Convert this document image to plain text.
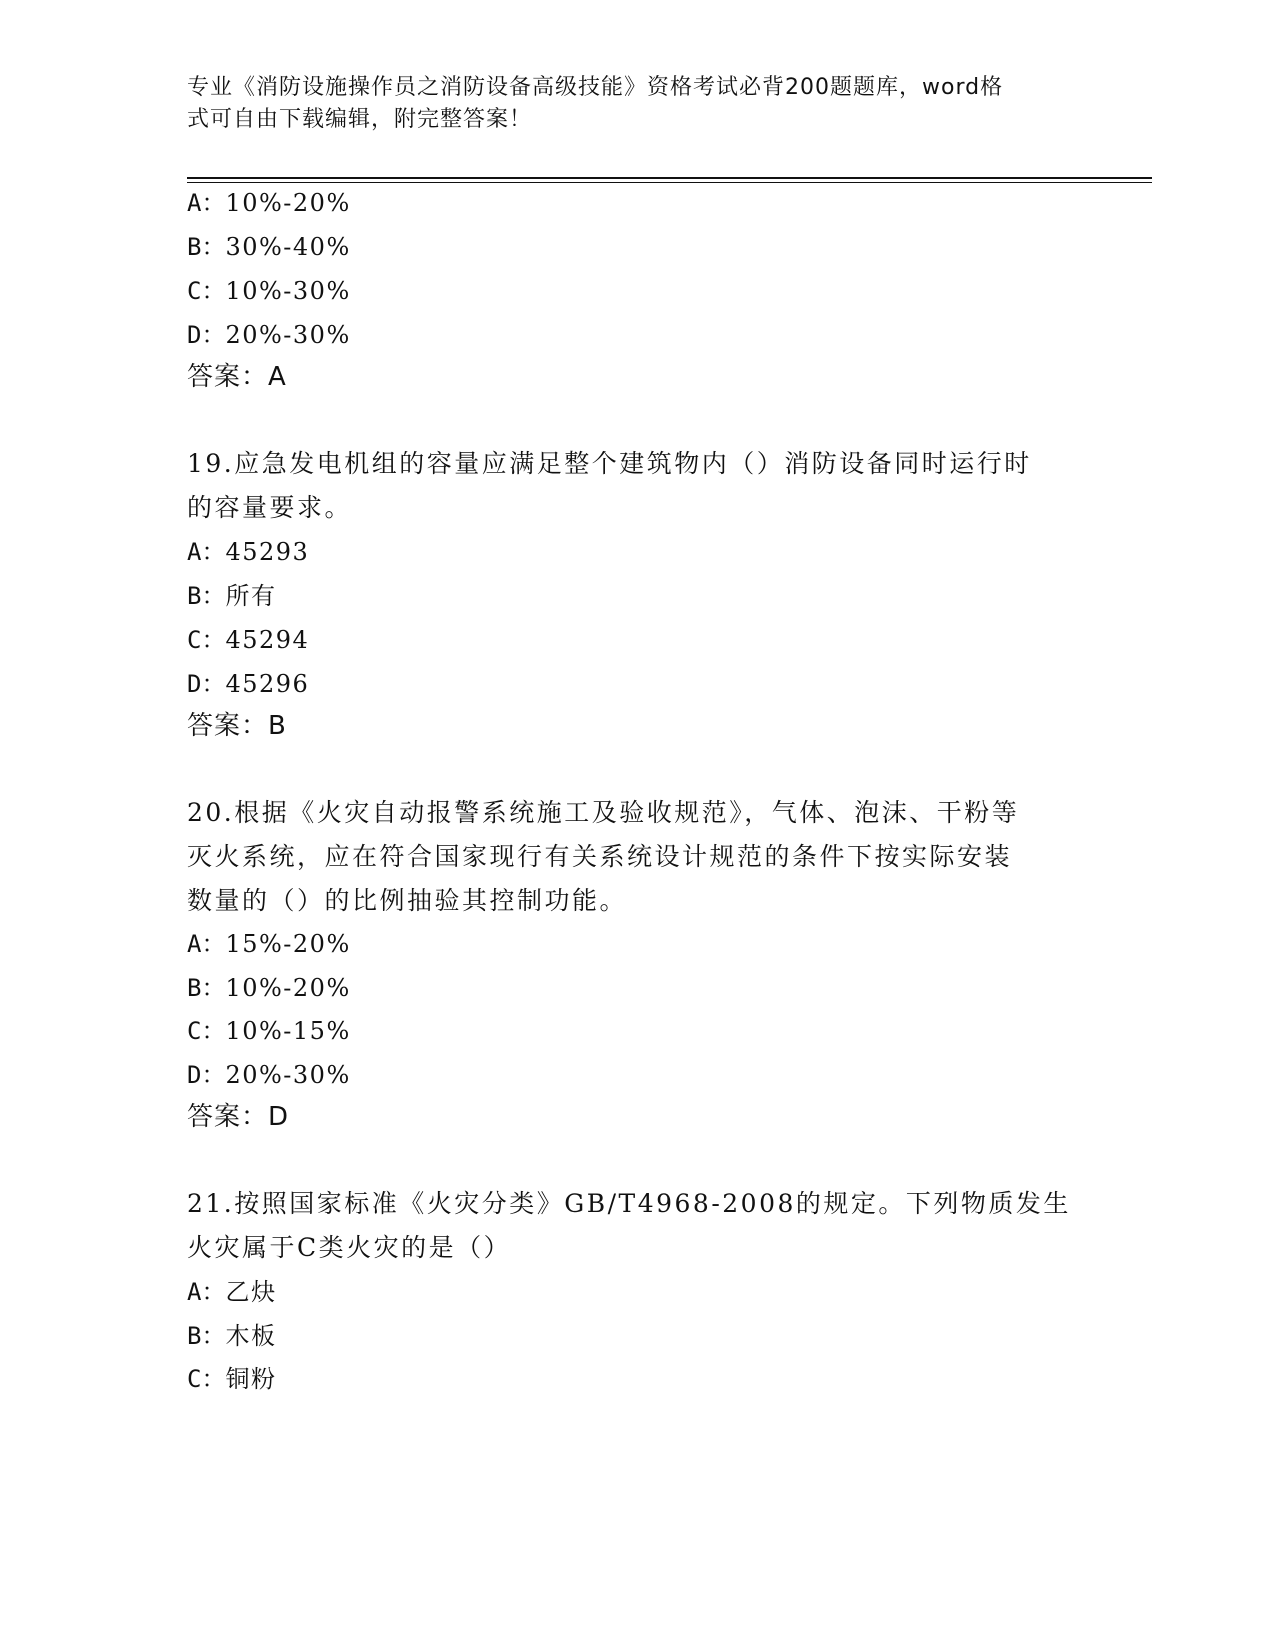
专业《消防设施操作员之消防设备高级技能》资格考试必背200题题库，word格
式可自由下载编辑，附完整答案！
A：10%-20%
B：30%-40%
C：10%-30%
D：20%-30%
答案：A
19.应急发电机组的容量应满足整个建筑物内（）消防设备同时运行时
的容量要求。
A：45293
B：所有
C：45294
D：45296
答案：B
20.根据《火灾自动报警系统施工及验收规范》，气体、泡沫、干粉等
灭火系统，应在符合国家现行有关系统设计规范的条件下按实际安装
数量的（）的比例抽验其控制功能。
A：15%-20%
B：10%-20%
C：10%-15%
D：20%-30%
答案：D
21.按照国家标准《火灾分类》GB/T4968-2008的规定。下列物质发生
火灾属于C类火灾的是（）
A：乙炔
B：木板
C：铜粉
